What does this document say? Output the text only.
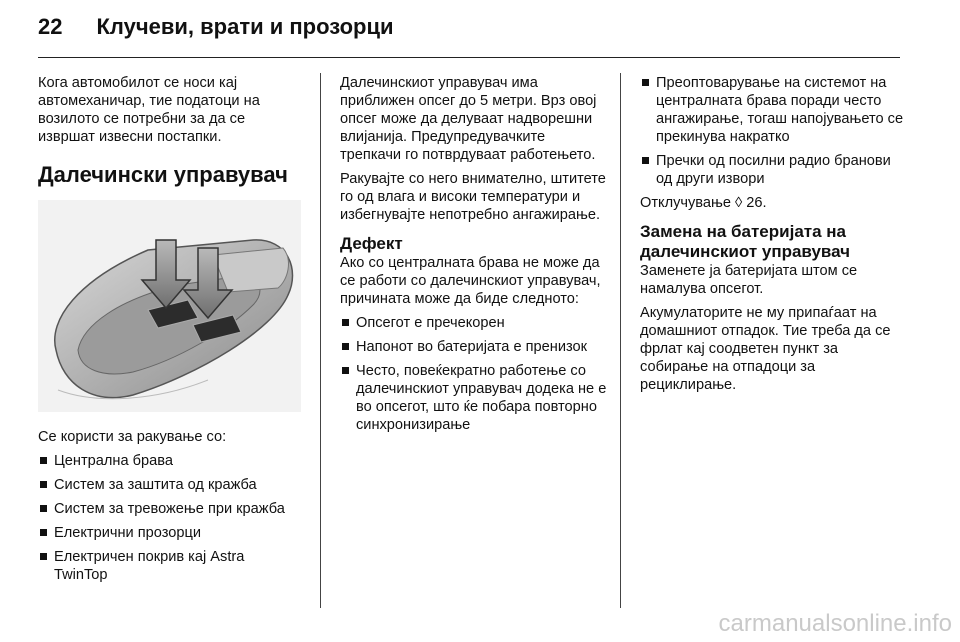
22 Клучеви, врати и прозорци

Кога автомобилот се носи кај автомеханичар, тие податоци на возилото се потребни за да се извршат извесни постапки.

Далечински управувач

Се користи за ракување со:

Централна брава
Систем за заштита од кражба
Систем за тревожење при кражба
Електрични прозорци
Електричен покрив кај Astra TwinTop

Далечинскиот управувач има приближен опсег до 5 метри. Врз овој опсег може да делуваат надворешни влијанија. Предупредувачките трепкачи го потврдуваат работењето.

Ракувајте со него внимателно, штитете го од влага и високи температури и избегнувајте непотребно ангажирање.

Дефект

Ако со централната брава не може да се работи со далечинскиот управувач, причината може да биде следното:

Опсегот е пречекорен
Напонот во батеријата е пренизок
Често, повеќекратно работење со далечинскиот управувач додека не е во опсегот, што ќе побара повторно синхронизирање
Преоптоварување на системот на централната брава поради често ангажирање, тогаш напојувањето се прекинува накратко
Пречки од посилни радио бранови од други извори

Отклучување ◊ 26.

Замена на батеријата на далечинскиот управувач

Заменете ја батеријата штом се намалува опсегот.

Акумулаторите не му припаѓаат на домашниот отпадок. Тие треба да се фрлат кај соодветен пункт за собирање на отпадоци за рециклирање.

carmanualsonline.info
